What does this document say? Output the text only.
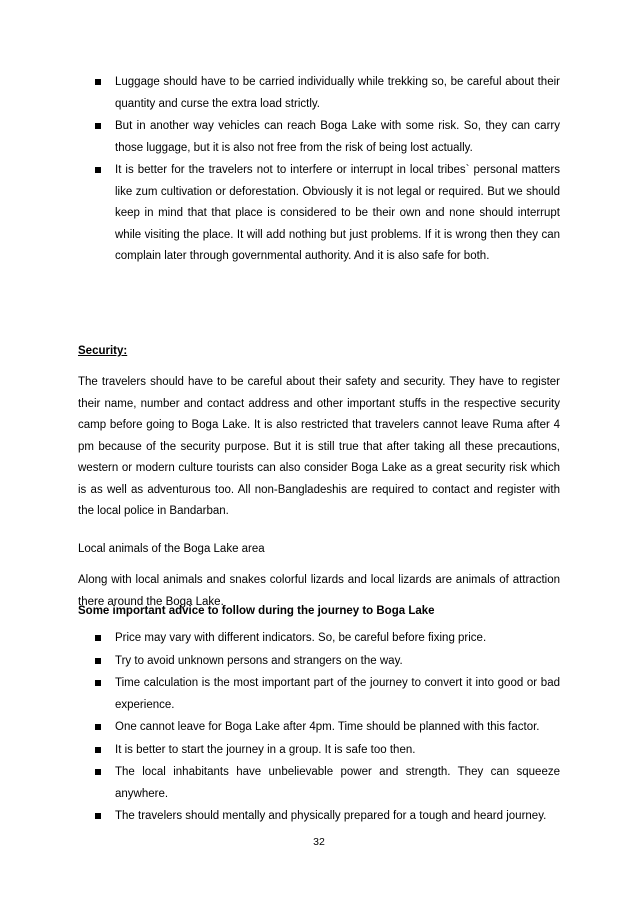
Luggage should have to be carried individually while trekking so, be careful about their quantity and curse the extra load strictly.
But in another way vehicles can reach Boga Lake with some risk. So, they can carry those luggage, but it is also not free from the risk of being lost actually.
It is better for the travelers not to interfere or interrupt in local tribes` personal matters like zum cultivation or deforestation. Obviously it is not legal or required. But we should keep in mind that that place is considered to be their own and none should interrupt while visiting the place. It will add nothing but just problems. If it is wrong then they can complain later through governmental authority. And it is also safe for both.

Security:

The travelers should have to be careful about their safety and security. They have to register their name, number and contact address and other important stuffs in the respective security camp before going to Boga Lake. It is also restricted that travelers cannot leave Ruma after 4 pm because of the security purpose. But it is still true that after taking all these precautions, western or modern culture tourists can also consider Boga Lake as a great security risk which is as well as adventurous too. All non-Bangladeshis are required to contact and register with the local police in Bandarban.

Local animals of the Boga Lake area

Along with local animals and snakes colorful lizards and local lizards are animals of attraction there around the Boga Lake.

Some important advice to follow during the journey to Boga Lake

Price may vary with different indicators. So, be careful before fixing price.
Try to avoid unknown persons and strangers on the way.
Time calculation is the most important part of the journey to convert it into good or bad experience.
One cannot leave for Boga Lake after 4pm. Time should be planned with this factor.
It is better to start the journey in a group. It is safe too then.
The local inhabitants have unbelievable power and strength. They can squeeze anywhere.
The travelers should mentally and physically prepared for a tough and heard journey.
32
